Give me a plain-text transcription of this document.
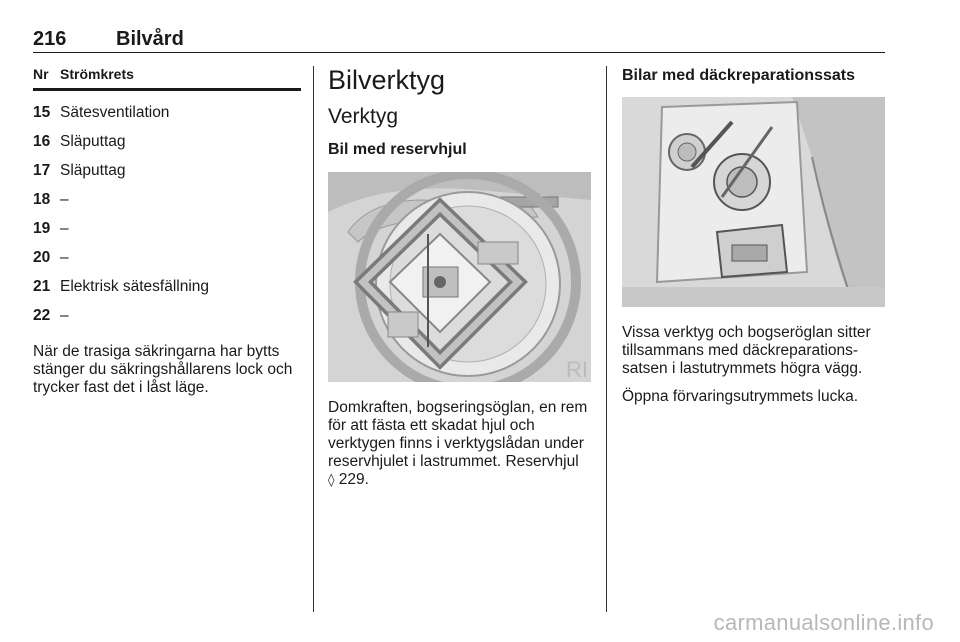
216 Bilvård
Nr Strömkrets
15 Sätesventilation
16 Släputtag
17 Släputtag
18 –
19 –
20 –
21 Elektrisk sätesfällning
22 –
När de trasiga säkringarna har bytts stänger du säkringshållarens lock och trycker fast det i låst läge.
Bilverktyg
Verktyg
Bil med reservhjul
RI
Domkraften, bogseringsöglan, en rem för att fästa ett skadat hjul och verktygen finns i verktygslådan under reservhjulet i lastrummet. Reservhjul
◊ 229.
Bilar med däckreparationssats
Vissa verktyg och bogseröglan sitter tillsammans med däckreparations-satsen i lastutrymmets högra vägg.
Öppna förvaringsutrymmets lucka.
carmanualsonline.info
